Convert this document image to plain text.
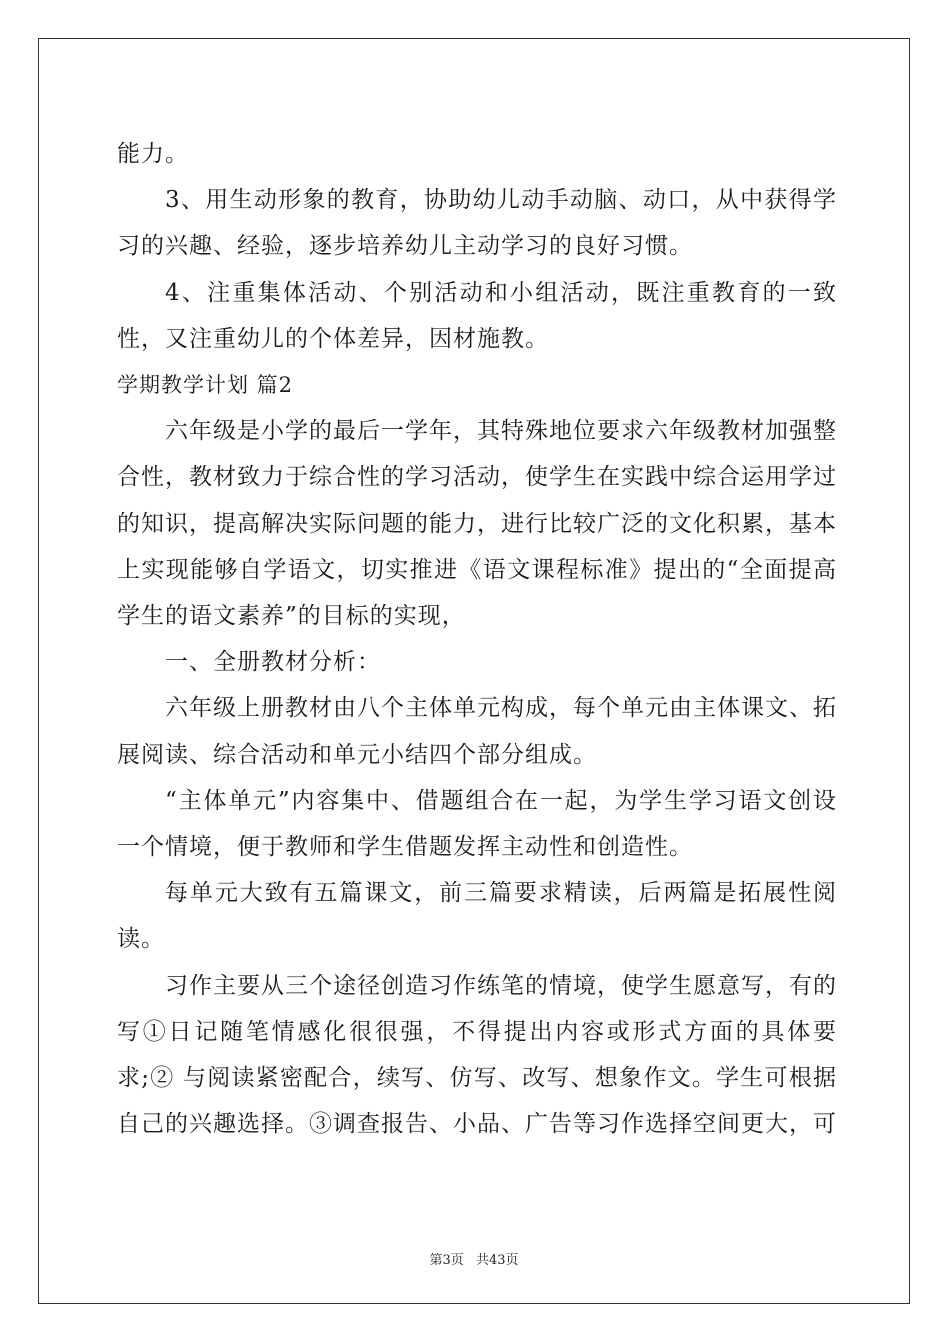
能力。

3、用生动形象的教育，协助幼儿动手动脑、动口，从中获得学习的兴趣、经验，逐步培养幼儿主动学习的良好习惯。

4、注重集体活动、个别活动和小组活动，既注重教育的一致性，又注重幼儿的个体差异，因材施教。

学期教学计划 篇2

六年级是小学的最后一学年，其特殊地位要求六年级教材加强整合性，教材致力于综合性的学习活动，使学生在实践中综合运用学过的知识，提高解决实际问题的能力，进行比较广泛的文化积累，基本上实现能够自学语文，切实推进《语文课程标准》提出的“全面提高学生的语文素养”的目标的实现，

一、全册教材分析：

六年级上册教材由八个主体单元构成，每个单元由主体课文、拓展阅读、综合活动和单元小结四个部分组成。

“主体单元”内容集中、借题组合在一起，为学生学习语文创设一个情境，便于教师和学生借题发挥主动性和创造性。

每单元大致有五篇课文，前三篇要求精读，后两篇是拓展性阅读。

习作主要从三个途径创造习作练笔的情境，使学生愿意写，有的写①日记随笔情感化很很强，不得提出内容或形式方面的具体要求;② 与阅读紧密配合，续写、仿写、改写、想象作文。学生可根据自己的兴趣选择。③调查报告、小品、广告等习作选择空间更大，可

第3页 共43页
